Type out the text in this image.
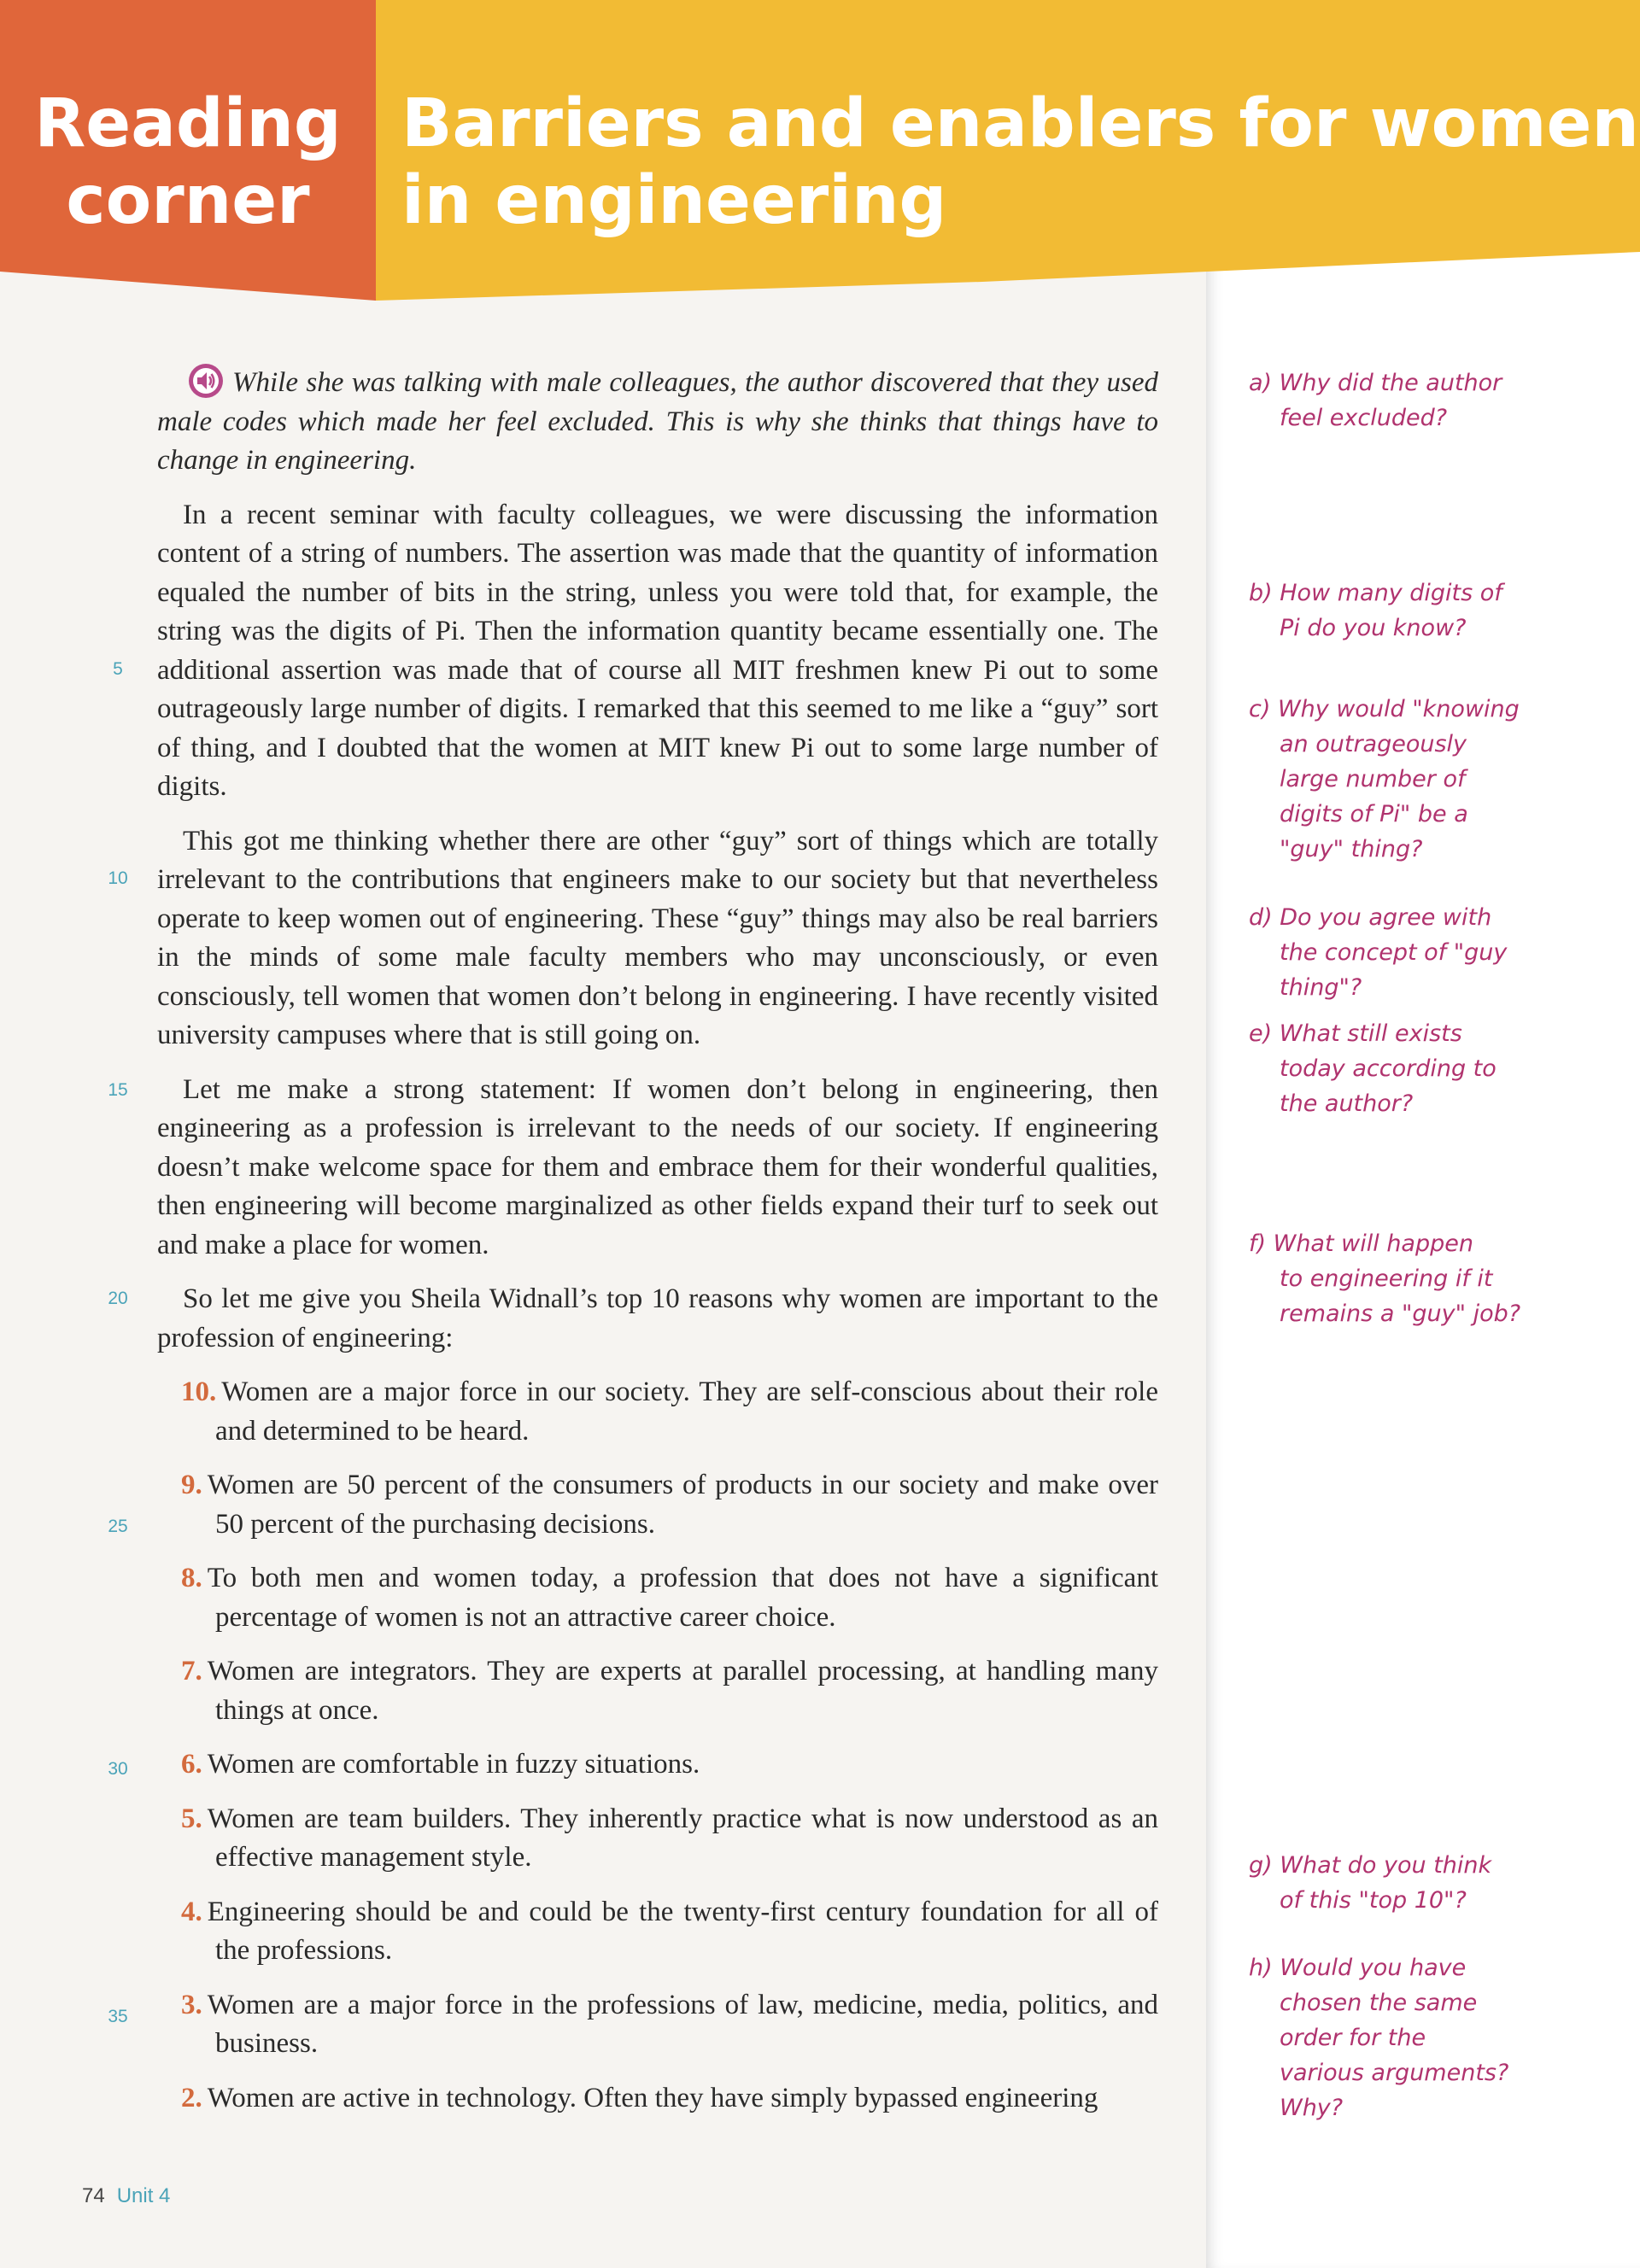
Reading
corner
Barriers and enablers for women
in engineering

While she was talking with male colleagues, the author discovered that they used male codes which made her feel excluded. This is why she thinks that things have to change in engineering.

In a recent seminar with faculty colleagues, we were discussing the information content of a string of numbers. The assertion was made that the quantity of information equaled the number of bits in the string, unless you were told that, for example, the string was the digits of Pi. Then the information quantity became essentially one. The additional assertion was made that of course all MIT freshmen knew Pi out to some outrageously large number of digits. I remarked that this seemed to me like a “guy” sort of thing, and I doubted that the women at MIT knew Pi out to some large number of digits.

This got me thinking whether there are other “guy” sort of things which are totally irrelevant to the contributions that engineers make to our society but that nevertheless operate to keep women out of engineering. These “guy” things may also be real barriers in the minds of some male faculty members who may unconsciously, or even consciously, tell women that women don’t belong in engineering. I have recently visited university campuses where that is still going on.

Let me make a strong statement: If women don’t belong in engineering, then engineering as a profession is irrelevant to the needs of our society. If engineering doesn’t make welcome space for them and embrace them for their wonderful qualities, then engineering will become marginalized as other fields expand their turf to seek out and make a place for women.

So let me give you Sheila Widnall’s top 10 reasons why women are important to the profession of engineering:

10. Women are a major force in our society. They are self-conscious about their role and determined to be heard.
9. Women are 50 percent of the consumers of products in our society and make over 50 percent of the purchasing decisions.
8. To both men and women today, a profession that does not have a significant percentage of women is not an attractive career choice.
7. Women are integrators. They are experts at parallel processing, at handling many things at once.
6. Women are comfortable in fuzzy situations.
5. Women are team builders. They inherently practice what is now understood as an effective management style.
4. Engineering should be and could be the twenty-first century foundation for all of the professions.
3. Women are a major force in the professions of law, medicine, media, politics, and business.
2. Women are active in technology. Often they have simply bypassed engineering
5
10
15
20
25
30
35
a) Why did the author
feel excluded?
b) How many digits of
Pi do you know?
c) Why would "knowing
an outrageously
large number of
digits of Pi" be a
"guy" thing?
d) Do you agree with
the concept of "guy
thing"?
e) What still exists
today according to
the author?
f) What will happen
to engineering if it
remains a "guy" job?
g) What do you think
of this "top 10"?
h) Would you have
chosen the same
order for the
various arguments?
Why?
74 Unit 4
